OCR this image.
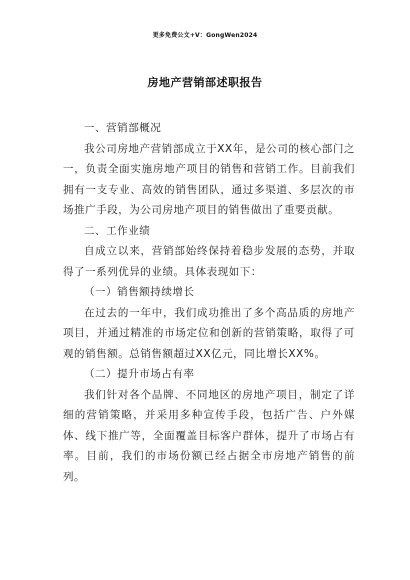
更多免费公文+V：GongWen2024
房地产营销部述职报告

一、营销部概况

我公司房地产营销部成立于XX年，是公司的核心部门之一，负责全面实施房地产项目的销售和营销工作。目前我们拥有一支专业、高效的销售团队，通过多渠道、多层次的市场推广手段，为公司房地产项目的销售做出了重要贡献。

二、工作业绩

自成立以来，营销部始终保持着稳步发展的态势，并取得了一系列优异的业绩。具体表现如下：

（一）销售额持续增长

在过去的一年中，我们成功推出了多个高品质的房地产项目，并通过精准的市场定位和创新的营销策略，取得了可观的销售额。总销售额超过XX亿元，同比增长XX%。

（二）提升市场占有率

我们针对各个品牌、不同地区的房地产项目，制定了详细的营销策略，并采用多种宣传手段，包括广告、户外媒体、线下推广等，全面覆盖目标客户群体，提升了市场占有率。目前，我们的市场份额已经占据全市房地产销售的前列。
